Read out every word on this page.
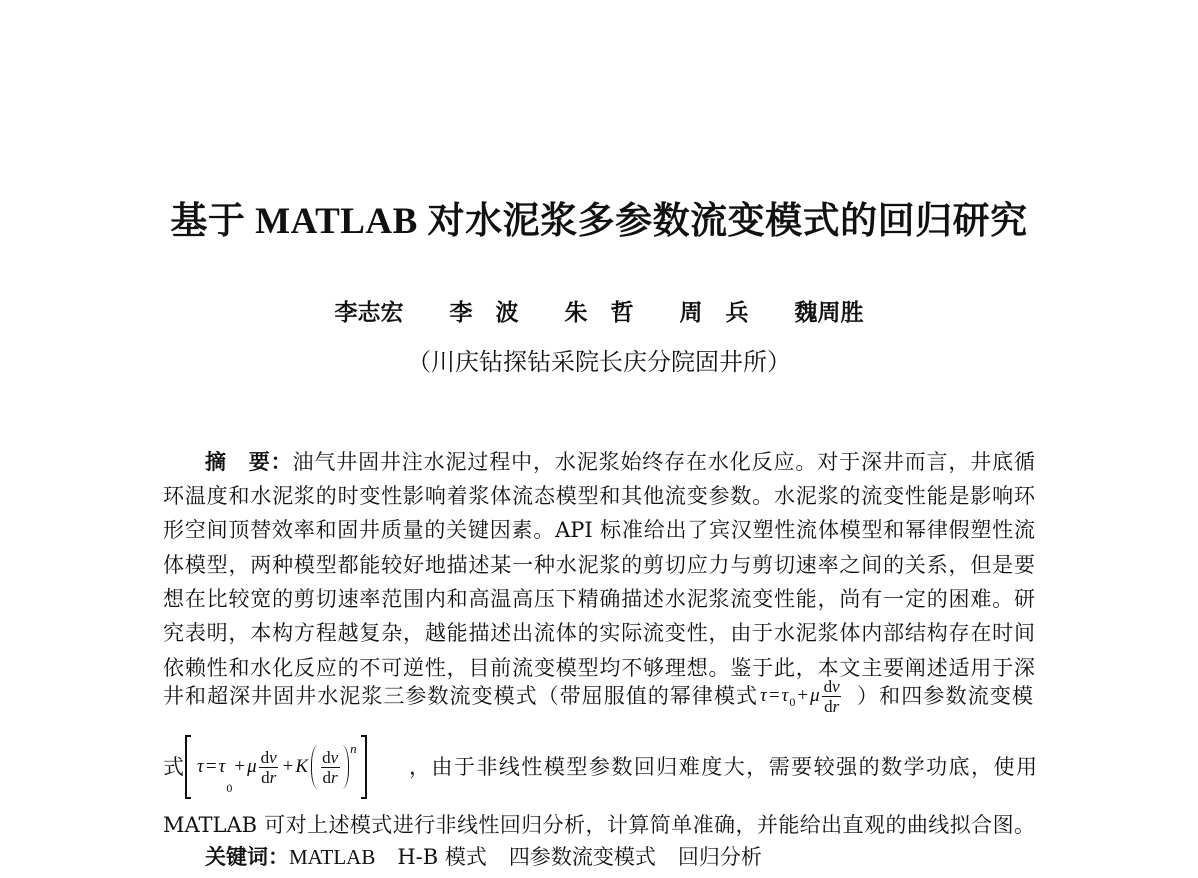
基于 MATLAB 对水泥浆多参数流变模式的回归研究
李志宏　　李　波　　朱　哲　　周　兵　　魏周胜
（川庆钻探钻采院长庆分院固井所）
摘　要：油气井固井注水泥过程中，水泥浆始终存在水化反应。对于深井而言，井底循
环温度和水泥浆的时变性影响着浆体流态模型和其他流变参数。水泥浆的流变性能是影响环
形空间顶替效率和固井质量的关键因素。API 标准给出了宾汉塑性流体模型和幂律假塑性流
体模型，两种模型都能较好地描述某一种水泥浆的剪切应力与剪切速率之间的关系，但是要
想在比较宽的剪切速率范围内和高温高压下精确描述水泥浆流变性能，尚有一定的困难。研
究表明，本构方程越复杂，越能描述出流体的实际流变性，由于水泥浆体内部结构存在时间
依赖性和水化反应的不可逆性，目前流变模型均不够理想。鉴于此，本文主要阐述适用于深
井和超深井固井水泥浆三参数流变模式（带屈服值的幂律模式 τ = τ 0 + μ $\frac{dv}{dr}$ ）和四参数流变模
式 τ = τ
0
+ μ $\frac{dv}{dr} + K \frac{dv}{dr}$ n
，由于非线性模型参数回归难度大，需要较强的数学功底，使用
MATLAB 可对上述模式进行非线性回归分析，计算简单准确，并能给出直观的曲线拟合图。
关键词：MATLAB H-B 模式 四参数流变模式 回归分析
